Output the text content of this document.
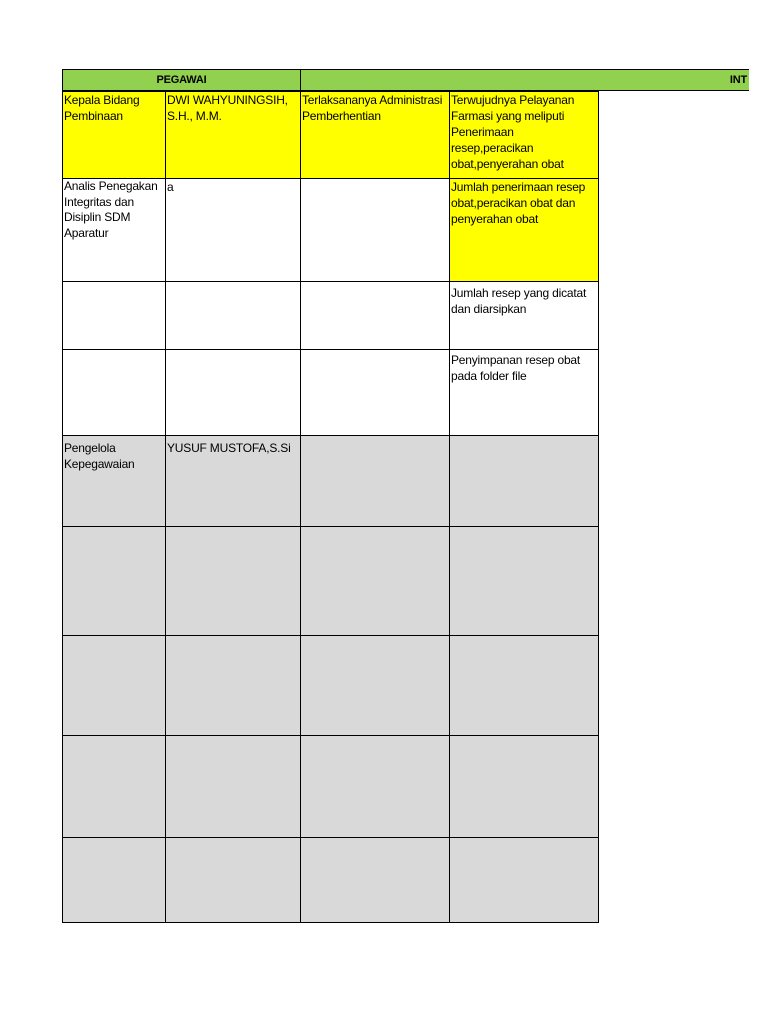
PEGAWAI	INT
Kepala Bidang Pembinaan
DWI WAHYUNINGSIH, S.H., M.M.
Terlaksananya Administrasi Pemberhentian
Terwujudnya Pelayanan Farmasi yang meliputi Penerimaan resep,peracikan obat,penyerahan obat
Analis Penegakan Integritas dan Disiplin SDM Aparatur
a	Jumlah penerimaan resep obat,peracikan obat dan penyerahan obat
Jumlah resep yang dicatat dan diarsipkan
Penyimpanan resep obat pada folder file
Pengelola Kepegawaian
YUSUF MUSTOFA,S.Si
